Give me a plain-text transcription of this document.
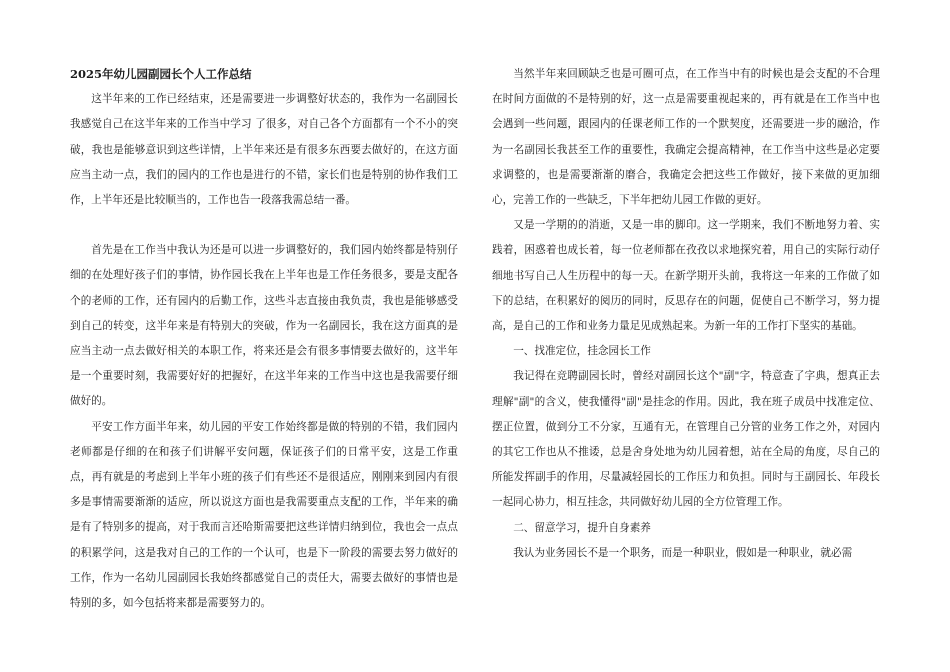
2025年幼儿园副园长个人工作总结

这半年来的工作已经结束，还是需要进一步调整好状态的，我作为一名副园长我感觉自己在这半年来的工作当中学习 了很多，对自己各个方面都有一个不小的突破，我也是能够意识到这些详情，上半年来还是有很多东西要去做好的，在这方面应当主动一点，我们的园内的工作也是进行的不错，家长们也是特别的协作我们工作，上半年还是比较顺当的，工作也告一段落我需总结一番。

首先是在工作当中我认为还是可以进一步调整好的，我们园内始终都是特别仔细的在处理好孩子们的事情，协作园长我在上半年也是工作任务很多，要是支配各个的老师的工作，还有园内的后勤工作，这些斗志直接由我负责，我也是能够感受到自己的转变，这半年来是有特别大的突破，作为一名副园长，我在这方面真的是应当主动一点去做好相关的本职工作，将来还是会有很多事情要去做好的，这半年是一个重要时刻，我需要好好的把握好，在这半年来的工作当中这也是我需要仔细做好的。

平安工作方面半年来，幼儿园的平安工作始终都是做的特别的不错，我们园内老师都是仔细的在和孩子们讲解平安问题，保证孩子们的日常平安，这是工作重点，再有就是的考虑到上半年小班的孩子们有些还不是很适应，刚刚来到园内有很多是事情需要渐渐的适应，所以说这方面也是我需要重点支配的工作，半年来的确是有了特别多的提高，对于我而言还哈斯需要把这些详情归纳到位，我也会一点点的积累学问，这是我对自己的工作的一个认可，也是下一阶段的需要去努力做好的工作，作为一名幼儿园副园长我始终都感觉自己的责任大，需要去做好的事情也是特别的多，如今包括将来都是需要努力的。

当然半年来回顾缺乏也是可圈可点，在工作当中有的时候也是会支配的不合理在时间方面做的不是特别的好，这一点是需要重视起来的，再有就是在工作当中也会遇到一些问题，跟园内的任课老师工作的一个默契度，还需要进一步的融洽，作为一名副园长我甚至工作的重要性，我确定会提高精神，在工作当中这些是必定要求调整的，也是需要渐渐的磨合，我确定会把这些工作做好，接下来做的更加细心，完善工作的一些缺乏，下半年把幼儿园工作做的更好。

又是一学期的的消逝，又是一串的脚印。这一学期来，我们不断地努力着、实践着，困惑着也成长着，每一位老师都在孜孜以求地探究着，用自己的实际行动仔细地书写自己人生历程中的每一天。在新学期开头前，我将这一年来的工作做了如下的总结，在积累好的阅历的同时，反思存在的问题，促使自己不断学习，努力提高，是自己的工作和业务力量足见成熟起来。为新一年的工作打下坚实的基础。

一、找准定位，挂念园长工作

我记得在竞聘副园长时，曾经对副园长这个"副"字，特意查了字典，想真正去理解"副"的含义，使我懂得"副"是挂念的作用。因此，我在班子成员中找准定位、摆正位置，做到分工不分家，互通有无，在管理自己分管的业务工作之外，对园内的其它工作也从不推诿，总是舍身处地为幼儿园着想，站在全局的角度，尽自己的所能发挥副手的作用，尽量减轻园长的工作压力和负担。同时与王副园长、年段长一起同心协力，相互挂念，共同做好幼儿园的全方位管理工作。

二、留意学习，提升自身素养

我认为业务园长不是一个职务，而是一种职业，假如是一种职业，就必需
